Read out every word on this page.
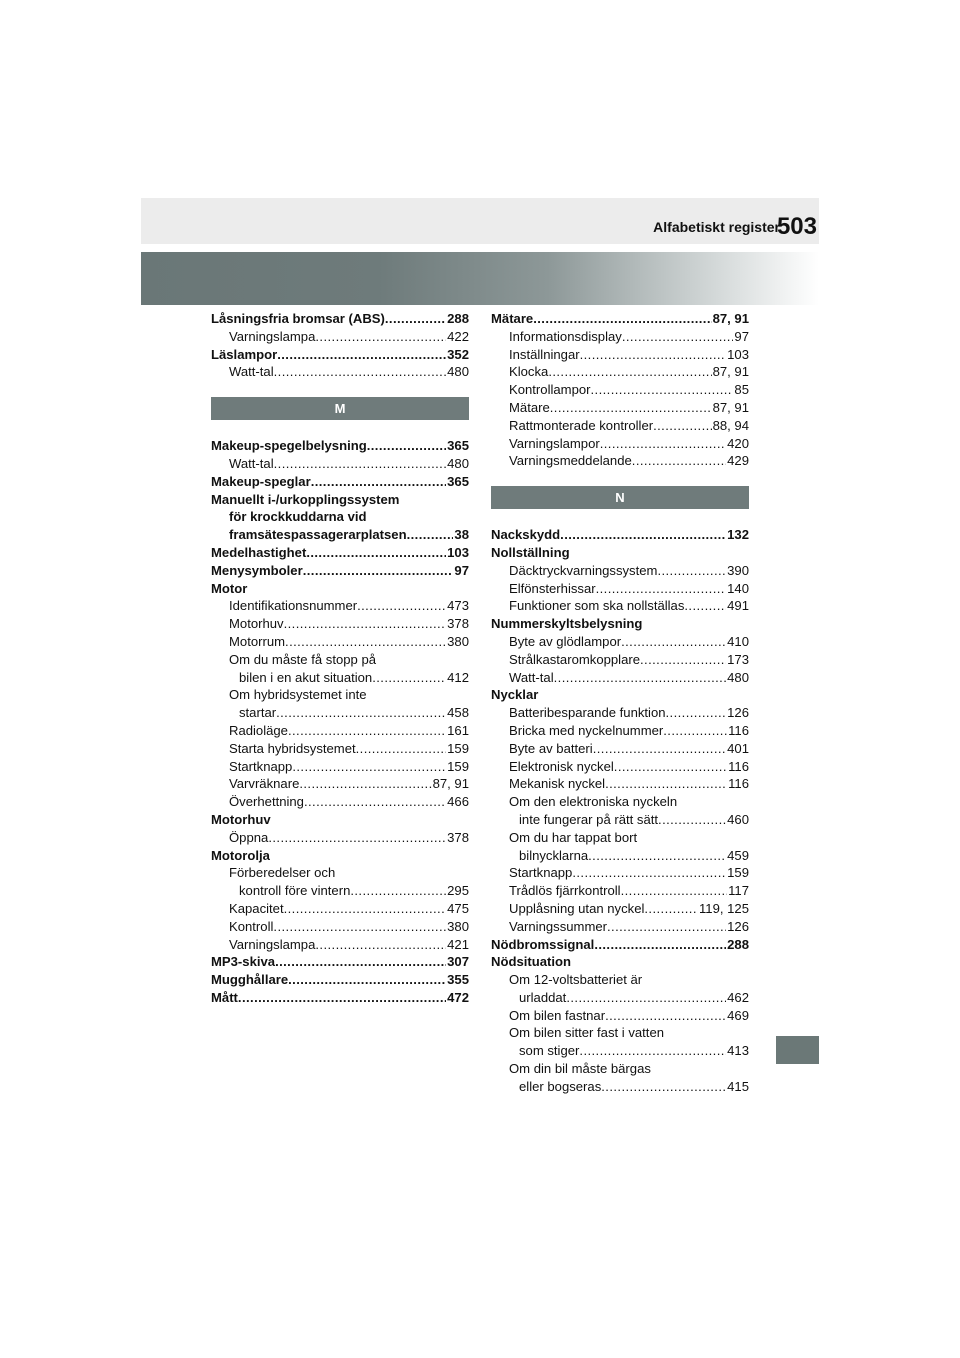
Alfabetiskt register
503
Låsningsfria bromsar (ABS) .....	288
Varningslampa .....	422
Läslampor .....	352
Watt-tal .....	480
M
Makeup-spegelbelysning .....	365
Watt-tal .....	480
Makeup-speglar .....	365
Manuellt i-/urkopplingssystem
för krockkuddarna vid
framsätespassagerarplatsen .....	38
Medelhastighet .....	103
Menysymboler .....	97
Motor
Identifikationsnummer .....	473
Motorhuv .....	378
Motorrum .....	380
Om du måste få stopp på
bilen i en akut situation .....	412
Om hybridsystemet inte
startar .....	458
Radioläge .....	161
Starta hybridsystemet .....	159
Startknapp .....	159
Varvräknare .....	87, 91
Överhettning .....	466
Motorhuv
Öppna .....	378
Motorolja
Förberedelser och
kontroll före vintern .....	295
Kapacitet .....	475
Kontroll .....	380
Varningslampa .....	421
MP3-skiva .....	307
Mugghållare .....	355
Mått .....	472
Mätare .....	87, 91
Informationsdisplay .....	97
Inställningar .....	103
Klocka .....	87, 91
Kontrollampor .....	85
Mätare .....	87, 91
Rattmonterade kontroller .....	88, 94
Varningslampor .....	420
Varningsmeddelande .....	429
N
Nackskydd .....	132
Nollställning
Däcktryckvarningssystem .....	390
Elfönsterhissar .....	140
Funktioner som ska nollställas .....	491
Nummerskyltsbelysning
Byte av glödlampor .....	410
Strålkastaromkopplare .....	173
Watt-tal .....	480
Nycklar
Batteribesparande funktion .....	126
Bricka med nyckelnummer .....	116
Byte av batteri .....	401
Elektronisk nyckel .....	116
Mekanisk nyckel .....	116
Om den elektroniska nyckeln
inte fungerar på rätt sätt .....	460
Om du har tappat bort
bilnycklarna .....	459
Startknapp .....	159
Trådlös fjärrkontroll .....	117
Upplåsning utan nyckel .....	119, 125
Varningssummer .....	126
Nödbromssignal .....	288
Nödsituation
Om 12-voltsbatteriet är
urladdat .....	462
Om bilen fastnar .....	469
Om bilen sitter fast i vatten
som stiger .....	413
Om din bil måste bärgas
eller bogseras .....	415
